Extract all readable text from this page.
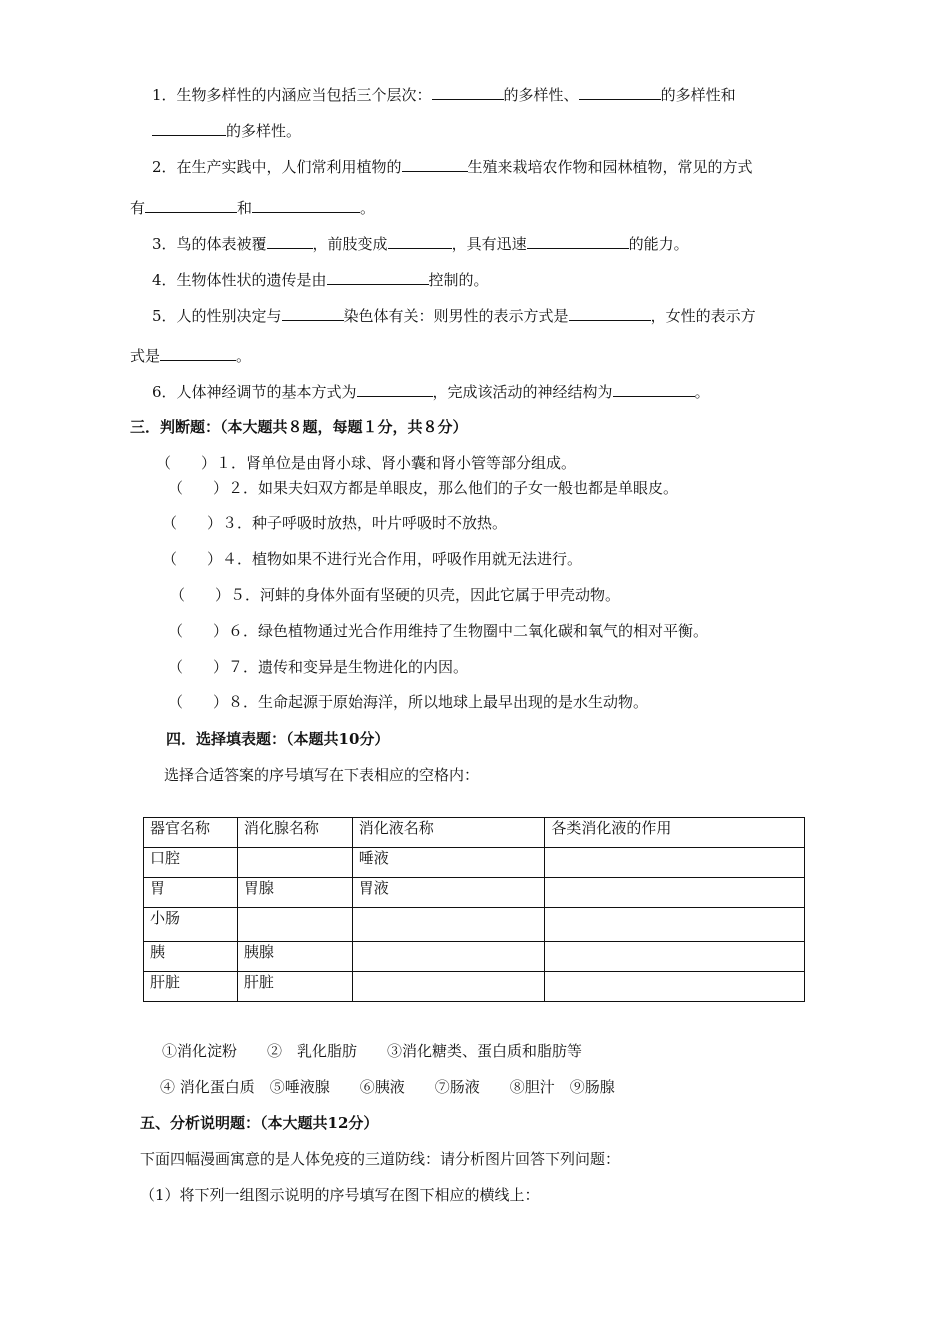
1．生物多样性的内涵应当包括三个层次：	的多样性、	的多样性和
的多样性。
2．在生产实践中，人们常利用植物的	生殖来栽培农作物和园林植物，常见的方式
有	和	。
3．鸟的体表被覆	，前肢变成	，具有迅速	的能力。
4．生物体性状的遗传是由	控制的。
5．人的性别决定与	染色体有关：则男性的表示方式是	，女性的表示方
式是	。
6．人体神经调节的基本方式为	，完成该活动的神经结构为	。
三．判断题：（本大题共８题，每题１分，共８分）
（　　）１．肾单位是由肾小球、肾小囊和肾小管等部分组成。
（　　）２．如果夫妇双方都是单眼皮，那么他们的子女一般也都是单眼皮。
（　　）３．种子呼吸时放热，叶片呼吸时不放热。
（　　）４．植物如果不进行光合作用，呼吸作用就无法进行。
（　　）５．河蚌的身体外面有坚硬的贝壳，因此它属于甲壳动物。
（　　）６．绿色植物通过光合作用维持了生物圈中二氧化碳和氧气的相对平衡。
（　　）７．遗传和变异是生物进化的内因。
（　　）８．生命起源于原始海洋，所以地球上最早出现的是水生动物。
四．选择填表题：（本题共10分）
选择合适答案的序号填写在下表相应的空格内：
器官名称	消化腺名称	消化液名称	各类消化液的作用
口腔		唾液	
胃	胃腺	胃液	
小肠			
胰	胰腺		
肝脏	肝脏		
①消化淀粉　　②　乳化脂肪　　③消化糖类、蛋白质和脂肪等
④ 消化蛋白质　⑤唾液腺　　⑥胰液　　⑦肠液　　⑧胆汁　⑨肠腺
五、分析说明题：（本大题共12分）
下面四幅漫画寓意的是人体免疫的三道防线：请分析图片回答下列问题：
（1）将下列一组图示说明的序号填写在图下相应的横线上：
